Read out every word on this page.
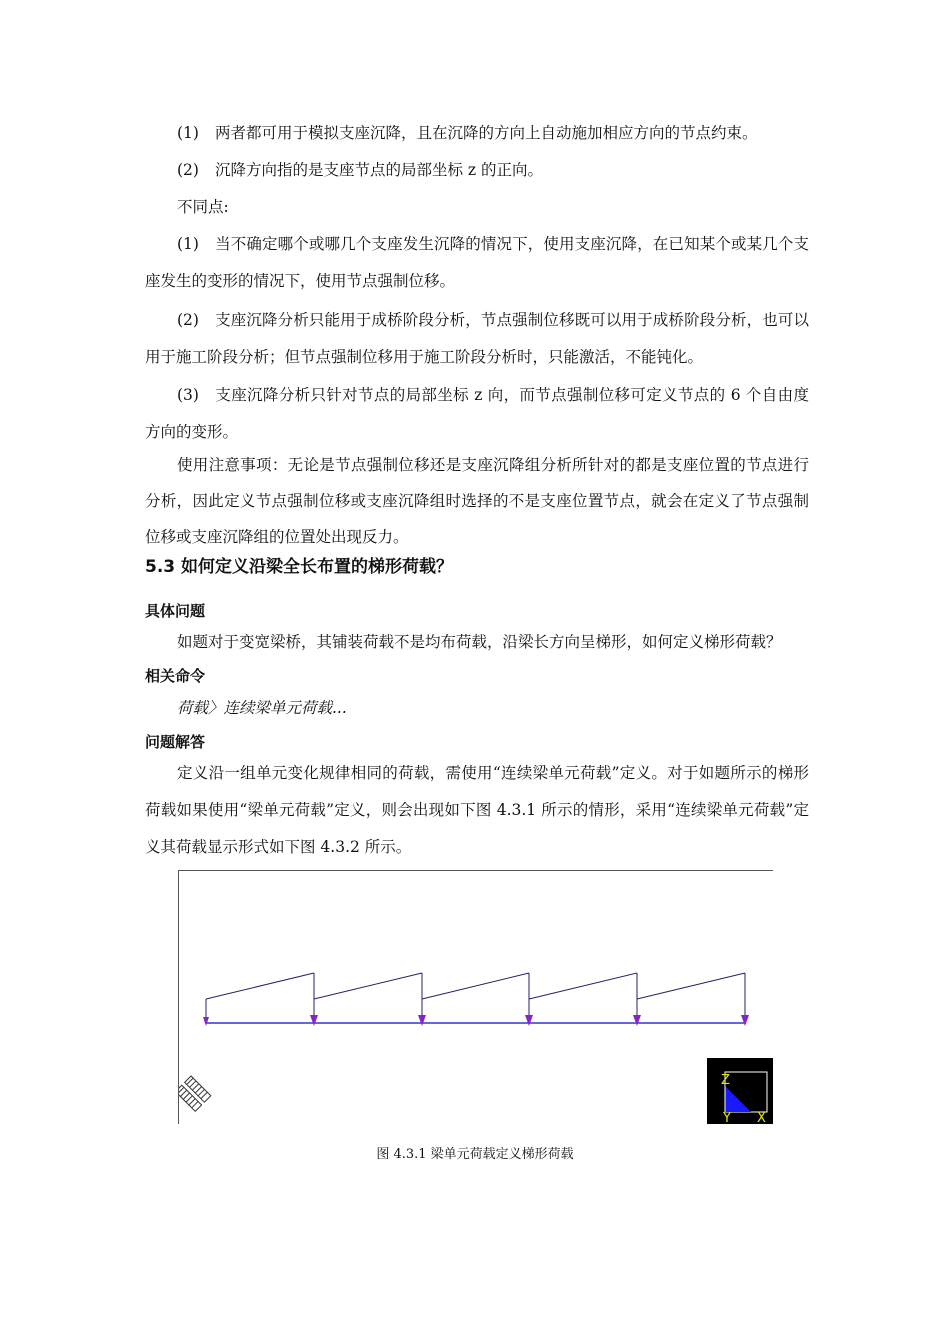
(1) 两者都可用于模拟支座沉降，且在沉降的方向上自动施加相应方向的节点约束。

(2) 沉降方向指的是支座节点的局部坐标 z 的正向。

不同点:

(1) 当不确定哪个或哪几个支座发生沉降的情况下，使用支座沉降，在已知某个或某几个支座发生的变形的情况下，使用节点强制位移。

(2) 支座沉降分析只能用于成桥阶段分析，节点强制位移既可以用于成桥阶段分析，也可以用于施工阶段分析；但节点强制位移用于施工阶段分析时，只能激活，不能钝化。

(3) 支座沉降分析只针对节点的局部坐标 z 向，而节点强制位移可定义节点的 6 个自由度方向的变形。

使用注意事项：无论是节点强制位移还是支座沉降组分析所针对的都是支座位置的节点进行分析，因此定义节点强制位移或支座沉降组时选择的不是支座位置节点，就会在定义了节点强制位移或支座沉降组的位置处出现反力。

5.3 如何定义沿梁全长布置的梯形荷载？
具体问题

如题对于变宽梁桥，其铺装荷载不是均布荷载，沿梁长方向呈梯形，如何定义梯形荷载？

相关命令

荷载〉连续梁单元荷载...

问题解答

定义沿一组单元变化规律相同的荷载，需使用“连续梁单元荷载”定义。对于如题所示的梯形荷载如果使用“梁单元荷载”定义，则会出现如下图 4.3.1 所示的情形，采用“连续梁单元荷载”定义其荷载显示形式如下图 4.3.2 所示。

Z
Y X
图 4.3.1 梁单元荷载定义梯形荷载
